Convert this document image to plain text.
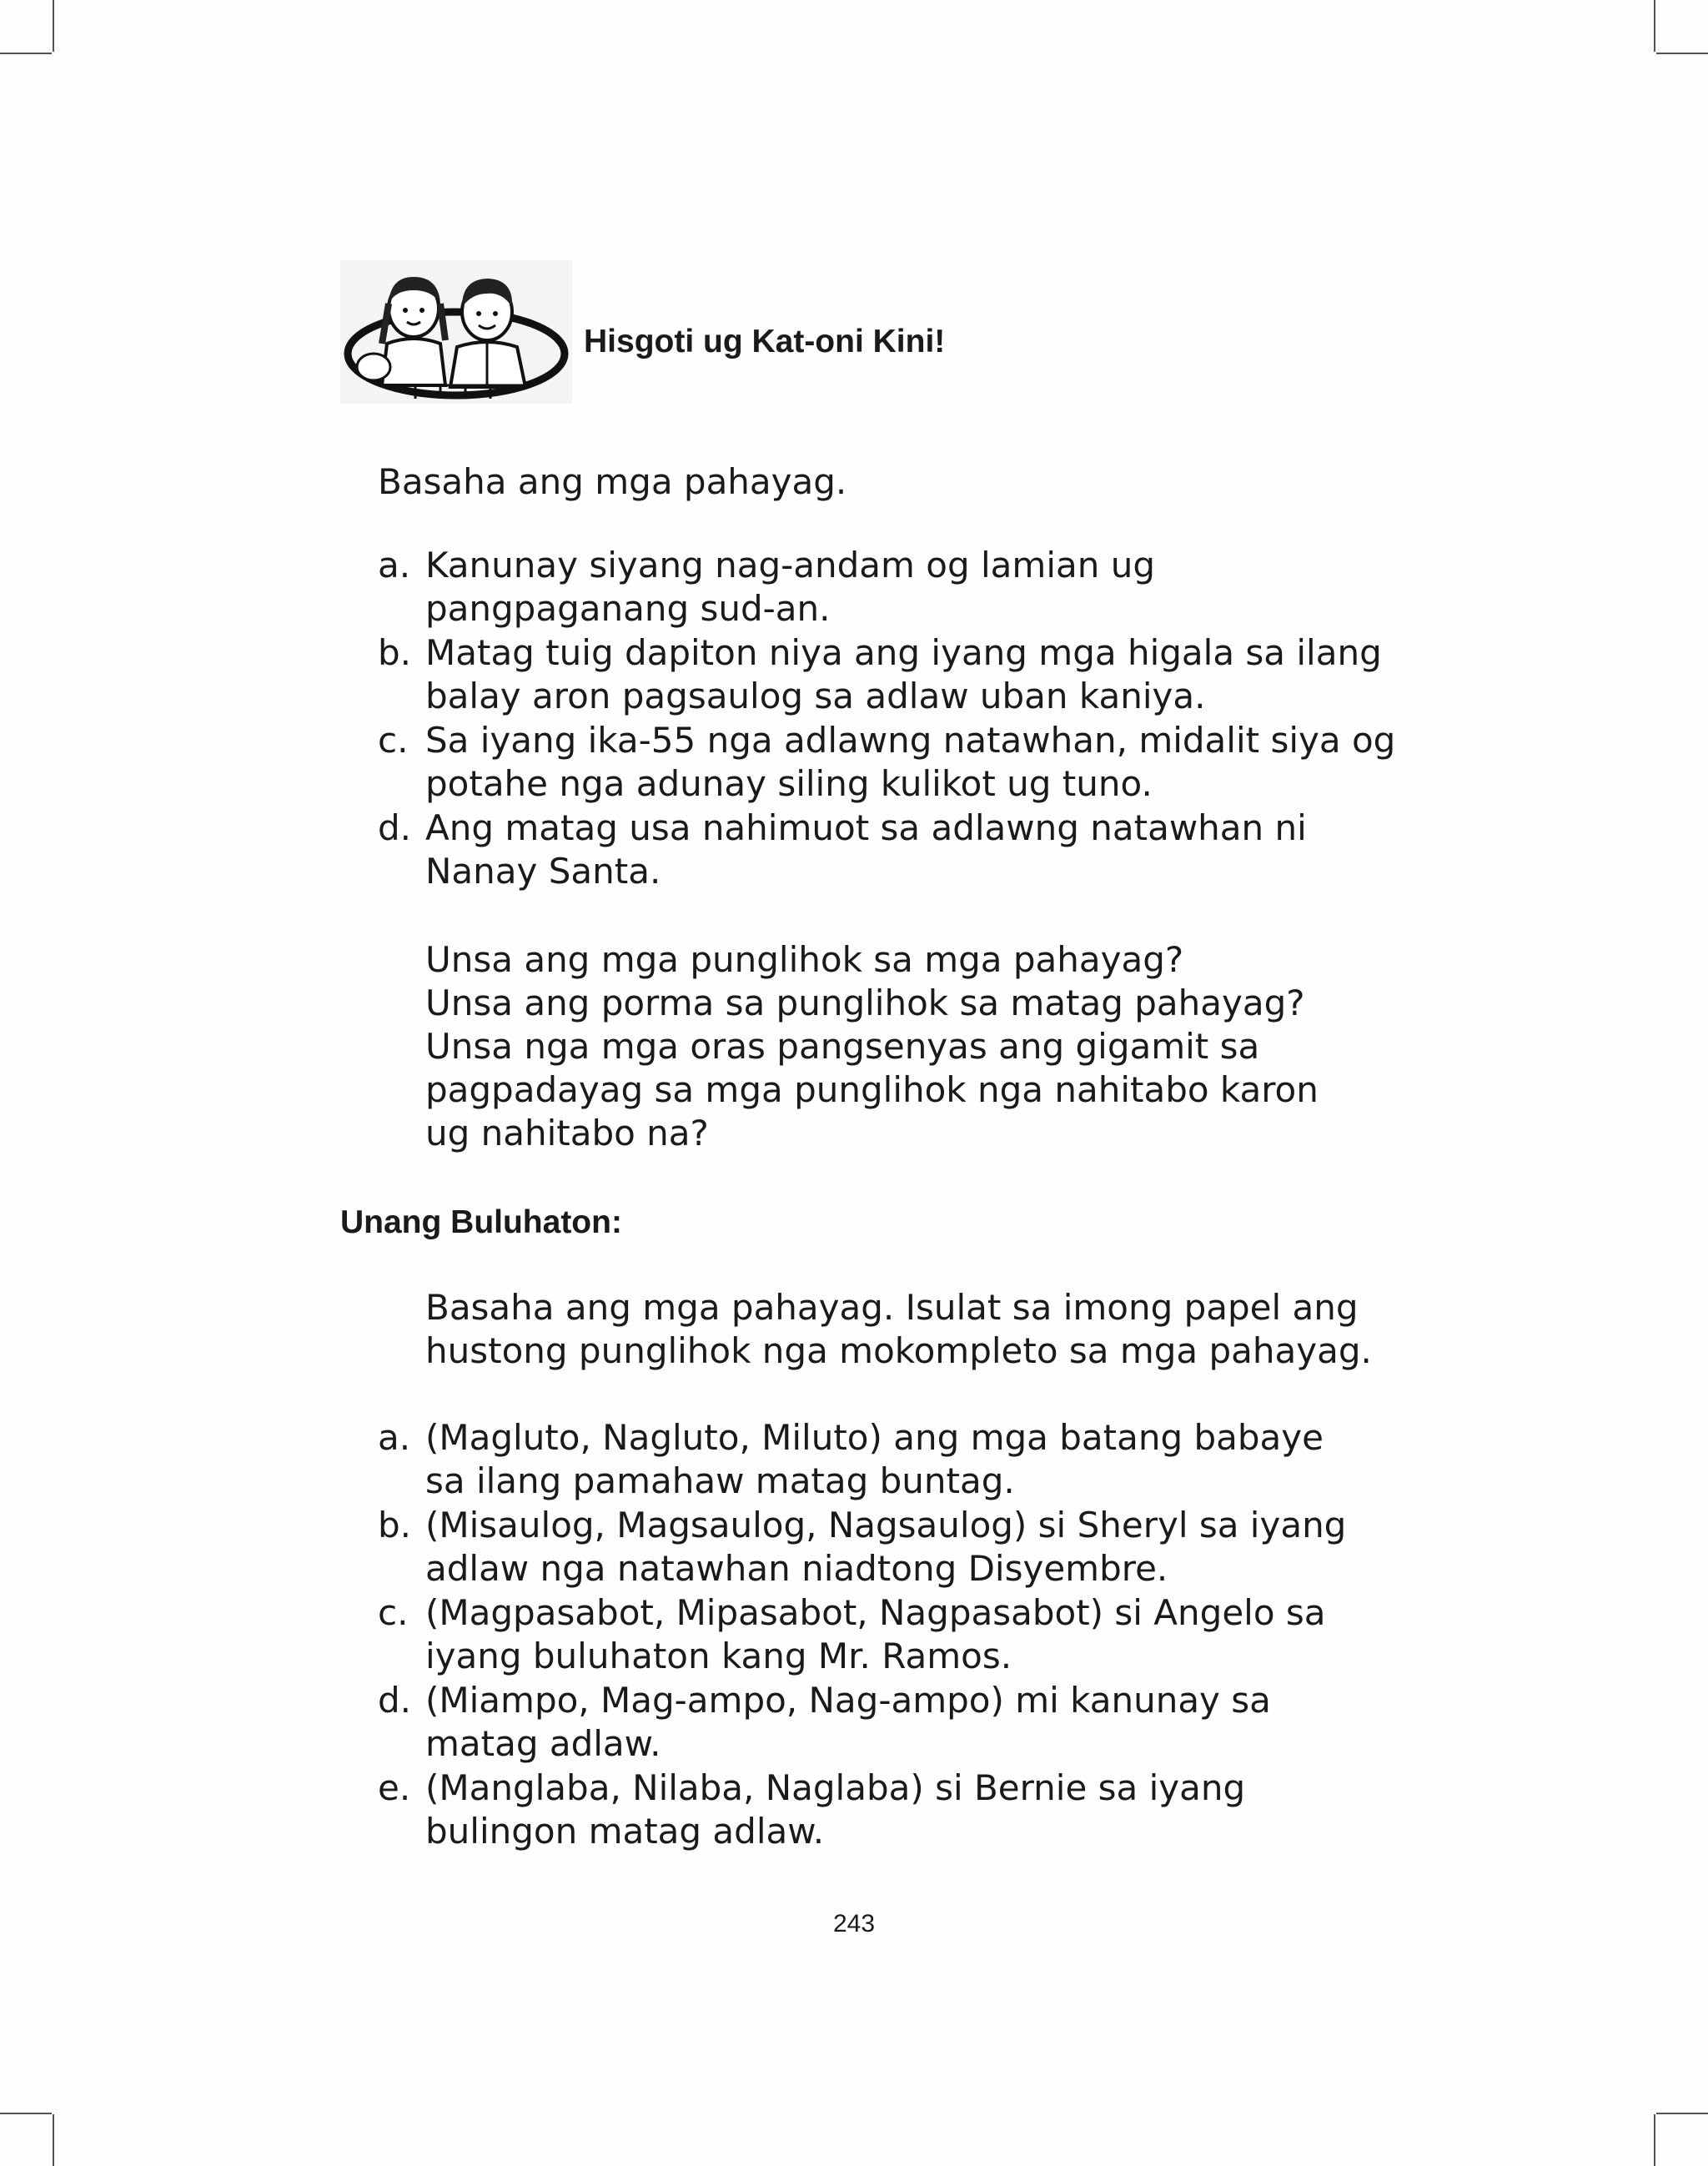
Hisgoti ug Kat-oni Kini!
Basaha ang mga pahayag.
a. Kanunay siyang nag-andam og lamian ug
pangpaganang sud-an.
b. Matag tuig dapiton niya ang iyang mga higala sa ilang
balay aron pagsaulog sa adlaw uban kaniya.
c. Sa iyang ika-55 nga adlawng natawhan, midalit siya og
potahe nga adunay siling kulikot ug tuno.
d. Ang matag usa nahimuot sa adlawng natawhan ni
Nanay Santa.
Unsa ang mga punglihok sa mga pahayag?
Unsa ang porma sa punglihok sa matag pahayag?
Unsa nga mga oras pangsenyas ang gigamit sa
pagpadayag sa mga punglihok nga nahitabo karon
ug nahitabo na?
Unang Buluhaton:
Basaha ang mga pahayag. Isulat sa imong papel ang
hustong punglihok nga mokompleto sa mga pahayag.
a. (Magluto, Nagluto, Miluto) ang mga batang babaye
sa ilang pamahaw matag buntag.
b. (Misaulog, Magsaulog, Nagsaulog) si Sheryl sa iyang
adlaw nga natawhan niadtong Disyembre.
c. (Magpasabot, Mipasabot, Nagpasabot) si Angelo sa
iyang buluhaton kang Mr. Ramos.
d. (Miampo, Mag-ampo, Nag-ampo) mi kanunay sa
matag adlaw.
e. (Manglaba, Nilaba, Naglaba) si Bernie sa iyang
bulingon matag adlaw.
243
